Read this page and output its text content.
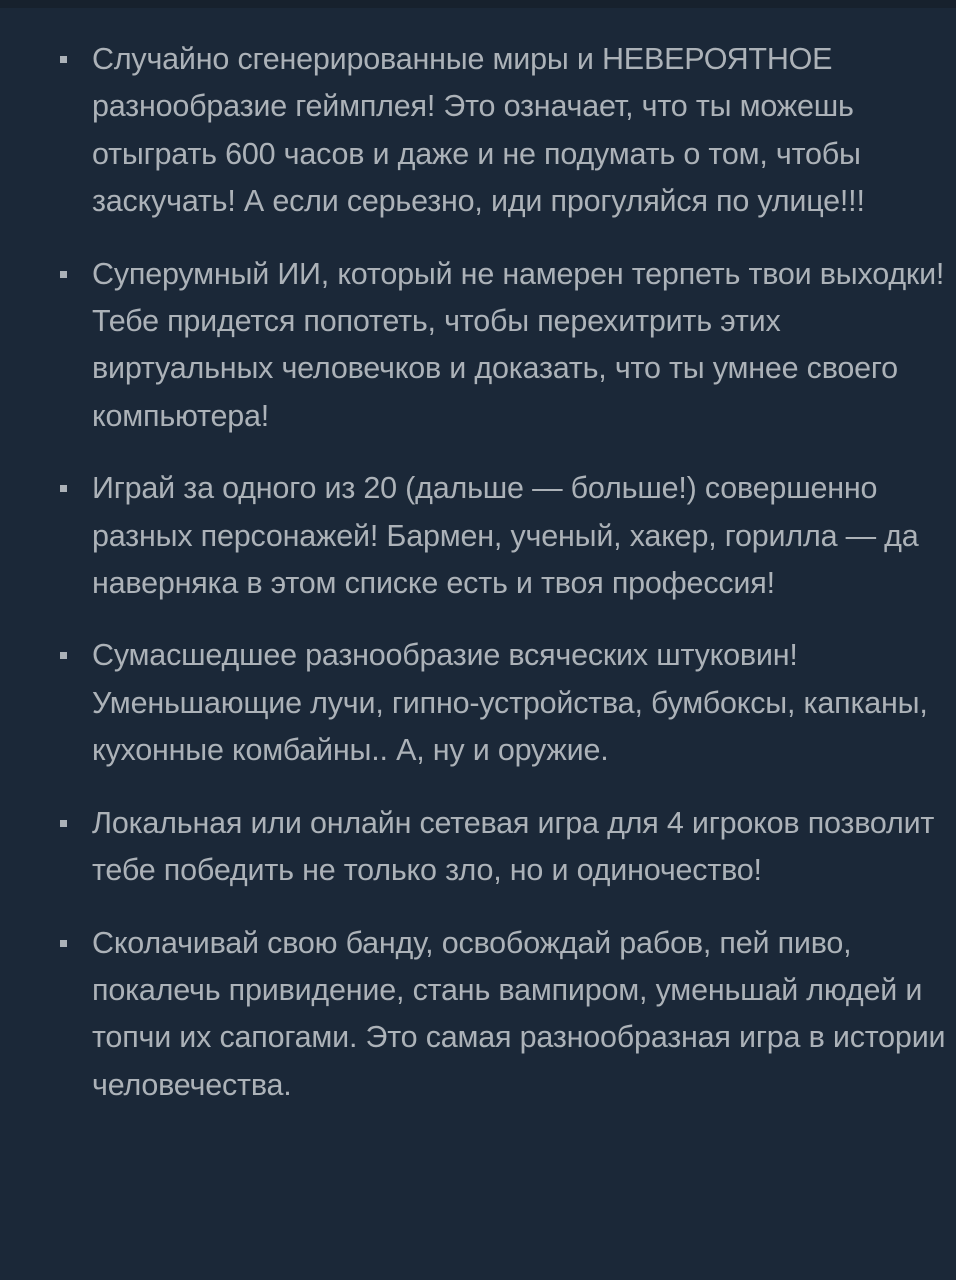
Случайно сгенерированные миры и НЕВЕРОЯТНОЕ разнообразие геймплея! Это означает, что ты можешь отыграть 600 часов и даже и не подумать о том, чтобы заскучать! А если серьезно, иди прогуляйся по улице!!!
Суперумный ИИ, который не намерен терпеть твои выходки! Тебе придется попотеть, чтобы перехитрить этих виртуальных человечков и доказать, что ты умнее своего компьютера!
Играй за одного из 20 (дальше — больше!) совершенно разных персонажей! Бармен, ученый, хакер, горилла — да наверняка в этом списке есть и твоя профессия!
Сумасшедшее разнообразие всяческих штуковин! Уменьшающие лучи, гипно-устройства, бумбоксы, капканы, кухонные комбайны.. А, ну и оружие.
Локальная или онлайн сетевая игра для 4 игроков позволит тебе победить не только зло, но и одиночество!
Сколачивай свою банду, освобождай рабов, пей пиво, покалечь привидение, стань вампиром, уменьшай людей и топчи их сапогами. Это самая разнообразная игра в истории человечества.
